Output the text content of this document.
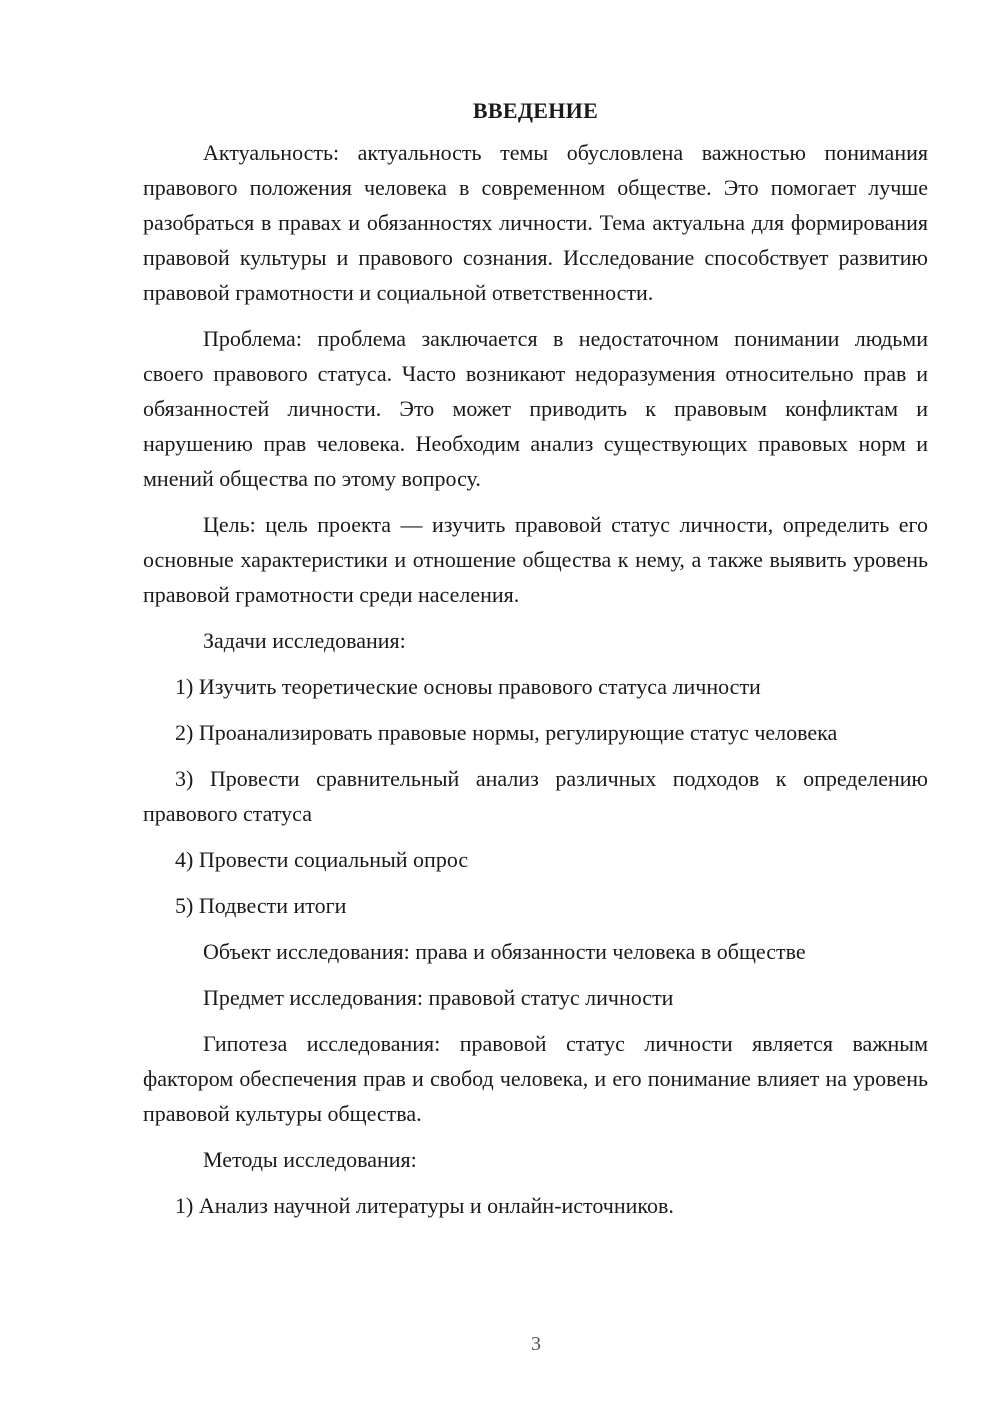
ВВЕДЕНИЕ

Актуальность: актуальность темы обусловлена важностью понимания правового положения человека в современном обществе. Это помогает лучше разобраться в правах и обязанностях личности. Тема актуальна для формирования правовой культуры и правового сознания. Исследование способствует развитию правовой грамотности и социальной ответственности.

Проблема: проблема заключается в недостаточном понимании людьми своего правового статуса. Часто возникают недоразумения относительно прав и обязанностей личности. Это может приводить к правовым конфликтам и нарушению прав человека. Необходим анализ существующих правовых норм и мнений общества по этому вопросу.

Цель: цель проекта — изучить правовой статус личности, определить его основные характеристики и отношение общества к нему, а также выявить уровень правовой грамотности среди населения.

Задачи исследования:

1) Изучить теоретические основы правового статуса личности

2) Проанализировать правовые нормы, регулирующие статус человека

3) Провести сравнительный анализ различных подходов к определению правового статуса

4) Провести социальный опрос

5) Подвести итоги

Объект исследования: права и обязанности человека в обществе
Предмет исследования: правовой статус личности

Гипотеза исследования: правовой статус личности является важным фактором обеспечения прав и свобод человека, и его понимание влияет на уровень правовой культуры общества.

Методы исследования:

1) Анализ научной литературы и онлайн-источников.

3
